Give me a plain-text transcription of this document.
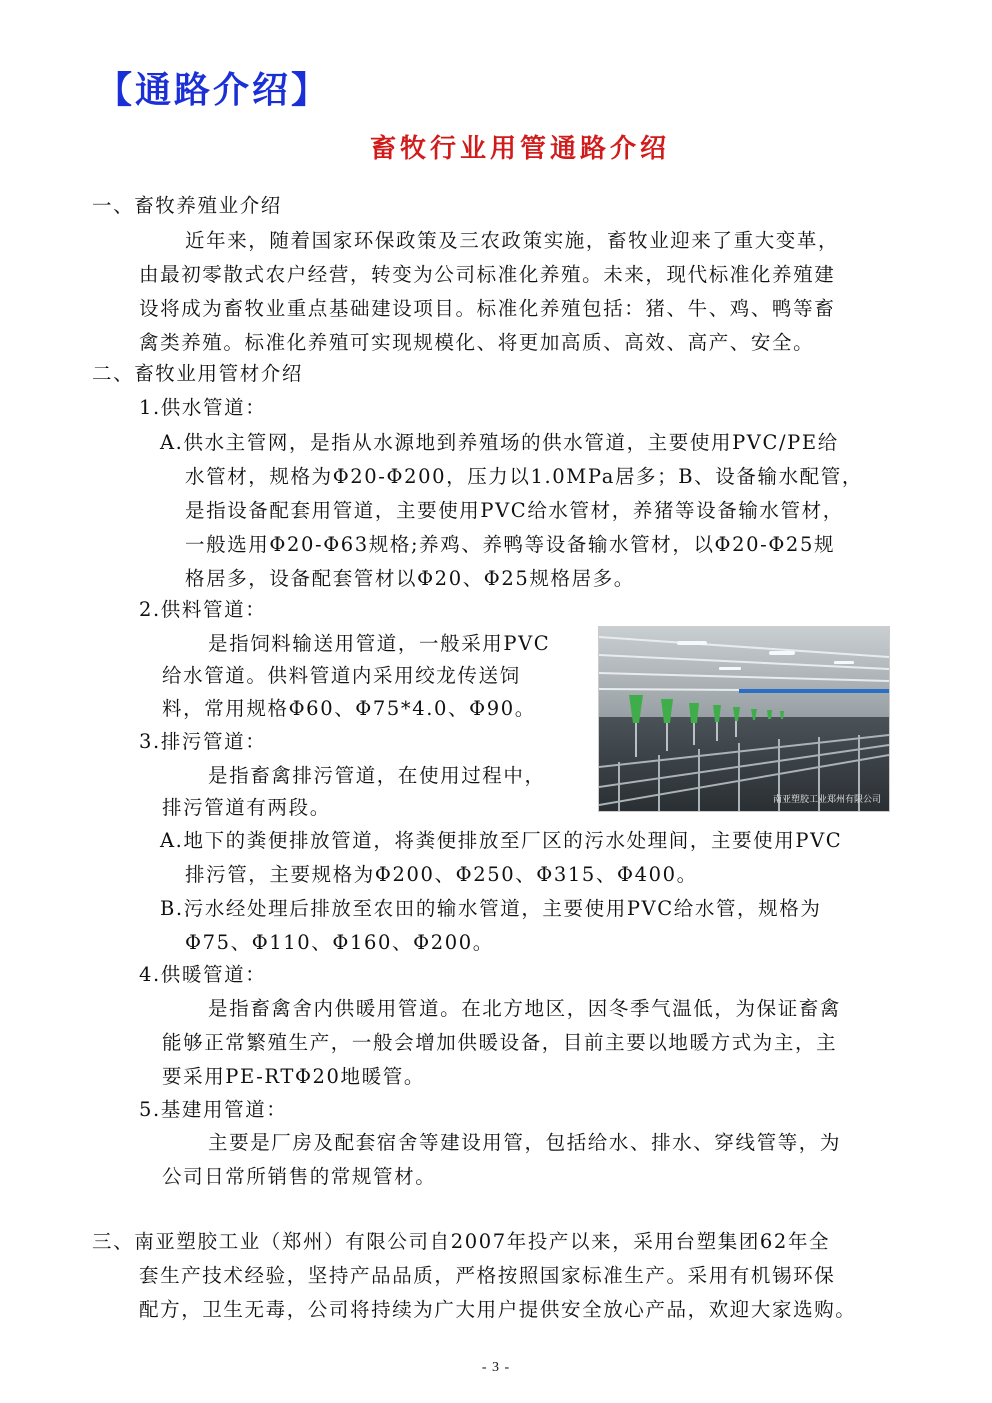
【通路介绍】
畜牧行业用管通路介绍
一、畜牧养殖业介绍
近年来，随着国家环保政策及三农政策实施，畜牧业迎来了重大变革，
由最初零散式农户经营，转变为公司标准化养殖。未来，现代标准化养殖建
设将成为畜牧业重点基础建设项目。标准化养殖包括：猪、牛、鸡、鸭等畜
禽类养殖。标准化养殖可实现规模化、将更加高质、高效、高产、安全。
二、畜牧业用管材介绍
1.供水管道：
A.供水主管网，是指从水源地到养殖场的供水管道，主要使用PVC/PE给
水管材，规格为Φ20-Φ200，压力以1.0MPa居多；B、设备输水配管，
是指设备配套用管道，主要使用PVC给水管材，养猪等设备输水管材，
一般选用Φ20-Φ63规格;养鸡、养鸭等设备输水管材，以Φ20-Φ25规
格居多，设备配套管材以Φ20、Φ25规格居多。
2.供料管道：
是指饲料输送用管道，一般采用PVC
给水管道。供料管道内采用绞龙传送饲
料，常用规格Φ60、Φ75*4.0、Φ90。
3.排污管道：
是指畜禽排污管道，在使用过程中，
排污管道有两段。
A.地下的粪便排放管道，将粪便排放至厂区的污水处理间，主要使用PVC
排污管，主要规格为Φ200、Φ250、Φ315、Φ400。
B.污水经处理后排放至农田的输水管道，主要使用PVC给水管，规格为
Φ75、Φ110、Φ160、Φ200。
4.供暖管道：
是指畜禽舍内供暖用管道。在北方地区，因冬季气温低，为保证畜禽
能够正常繁殖生产，一般会增加供暖设备，目前主要以地暖方式为主，主
要采用PE-RTΦ20地暖管。
5.基建用管道：
主要是厂房及配套宿舍等建设用管，包括给水、排水、穿线管等，为
公司日常所销售的常规管材。
三、南亚塑胶工业（郑州）有限公司自2007年投产以来，采用台塑集团62年全
套生产技术经验，坚持产品品质，严格按照国家标准生产。采用有机锡环保
配方，卫生无毒，公司将持续为广大用户提供安全放心产品，欢迎大家选购。
南亚塑胶工业郑州有限公司
- 3 -
